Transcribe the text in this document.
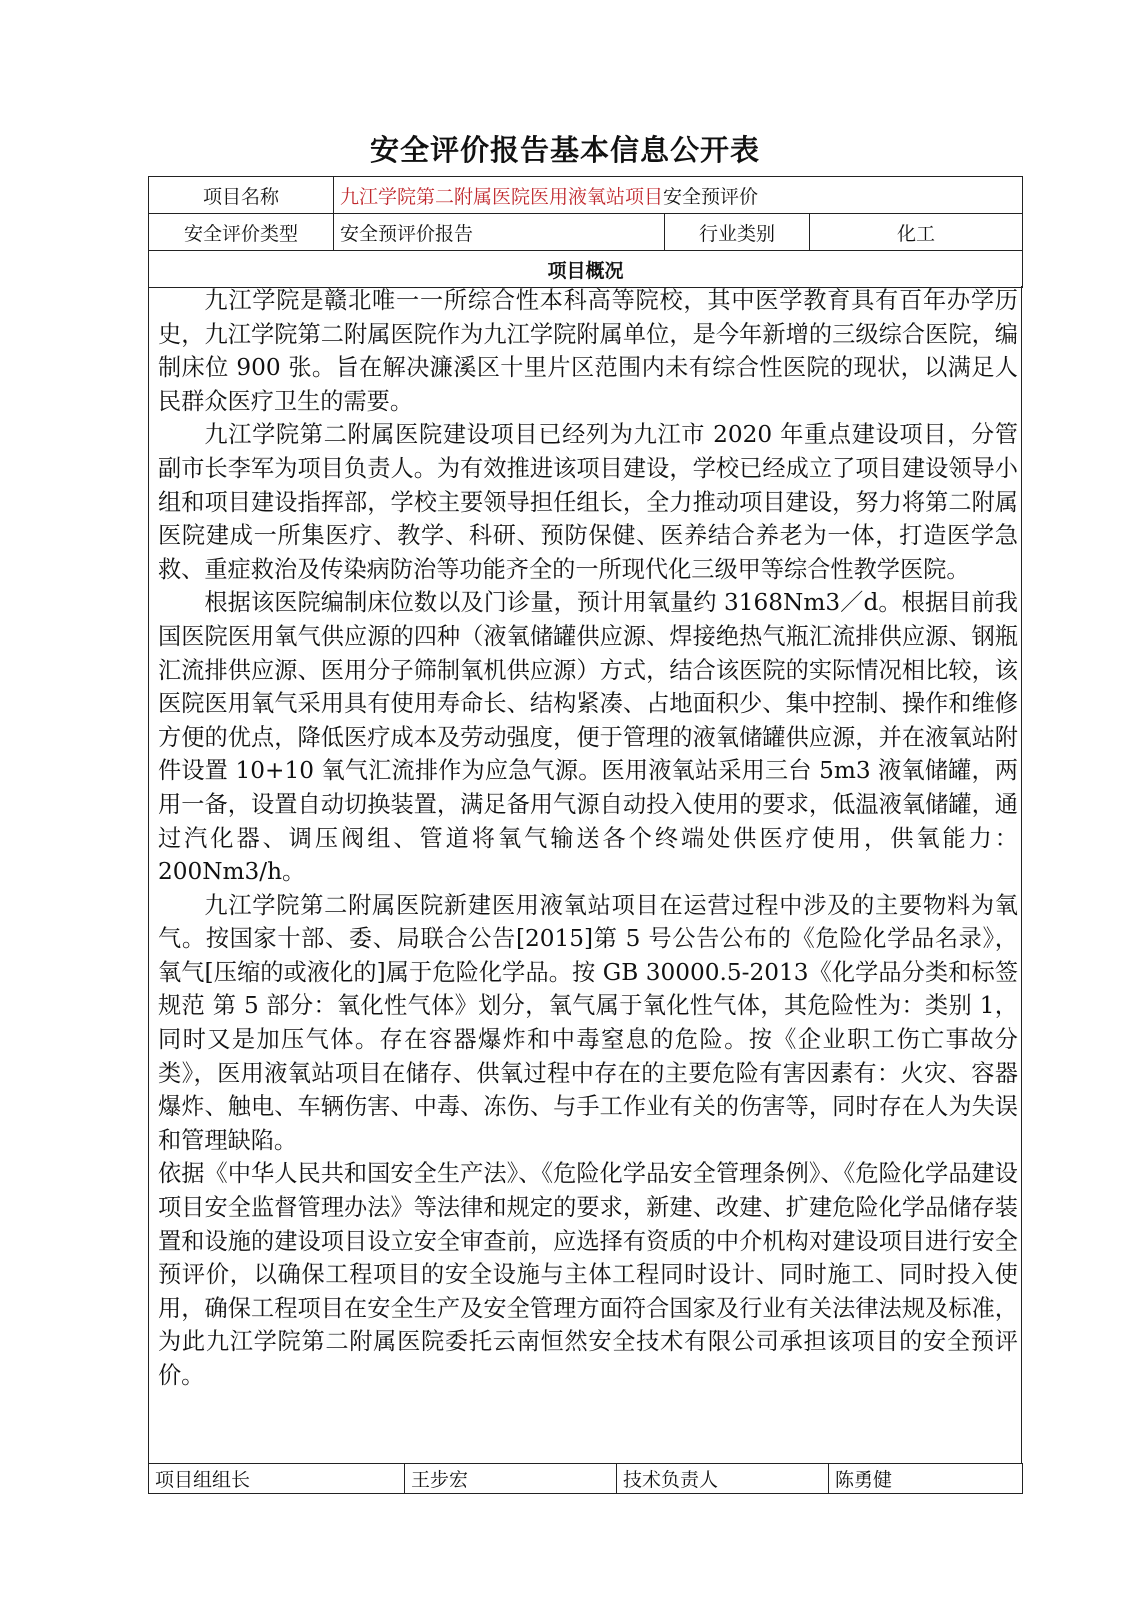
安全评价报告基本信息公开表
项目名称	九江学院第二附属医院医用液氧站项目安全预评价		
安全评价类型	安全预评价报告	行业类别	化工
项目概况			

九江学院是赣北唯一一所综合性本科高等院校，其中医学教育具有百年办学历史，九江学院第二附属医院作为九江学院附属单位，是今年新增的三级综合医院，编制床位 900 张。旨在解决濂溪区十里片区范围内未有综合性医院的现状，以满足人民群众医疗卫生的需要。

九江学院第二附属医院建设项目已经列为九江市 2020 年重点建设项目，分管副市长李军为项目负责人。为有效推进该项目建设，学校已经成立了项目建设领导小组和项目建设指挥部，学校主要领导担任组长，全力推动项目建设，努力将第二附属医院建成一所集医疗、教学、科研、预防保健、医养结合养老为一体，打造医学急救、重症救治及传染病防治等功能齐全的一所现代化三级甲等综合性教学医院。

根据该医院编制床位数以及门诊量，预计用氧量约 3168Nm3／d。根据目前我国医院医用氧气供应源的四种（液氧储罐供应源、焊接绝热气瓶汇流排供应源、钢瓶汇流排供应源、医用分子筛制氧机供应源）方式，结合该医院的实际情况相比较，该医院医用氧气采用具有使用寿命长、结构紧凑、占地面积少、集中控制、操作和维修方便的优点，降低医疗成本及劳动强度，便于管理的液氧储罐供应源，并在液氧站附件设置 10+10 氧气汇流排作为应急气源。医用液氧站采用三台 5m3 液氧储罐，两用一备，设置自动切换装置，满足备用气源自动投入使用的要求，低温液氧储罐，通过汽化器、调压阀组、管道将氧气输送各个终端处供医疗使用，供氧能力：200Nm3/h。

九江学院第二附属医院新建医用液氧站项目在运营过程中涉及的主要物料为氧气。按国家十部、委、局联合公告[2015]第 5 号公告公布的《危险化学品名录》，氧气[压缩的或液化的]属于危险化学品。按 GB 30000.5-2013《化学品分类和标签规范 第 5 部分：氧化性气体》划分，氧气属于氧化性气体，其危险性为：类别 1，同时又是加压气体。存在容器爆炸和中毒窒息的危险。按《企业职工伤亡事故分类》，医用液氧站项目在储存、供氧过程中存在的主要危险有害因素有：火灾、容器爆炸、触电、车辆伤害、中毒、冻伤、与手工作业有关的伤害等，同时存在人为失误和管理缺陷。

依据《中华人民共和国安全生产法》、《危险化学品安全管理条例》、《危险化学品建设项目安全监督管理办法》等法律和规定的要求，新建、改建、扩建危险化学品储存装置和设施的建设项目设立安全审查前，应选择有资质的中介机构对建设项目进行安全预评价，以确保工程项目的安全设施与主体工程同时设计、同时施工、同时投入使用，确保工程项目在安全生产及安全管理方面符合国家及行业有关法律法规及标准，为此九江学院第二附属医院委托云南恒然安全技术有限公司承担该项目的安全预评价。

项目组组长	王步宏	技术负责人	陈勇健
